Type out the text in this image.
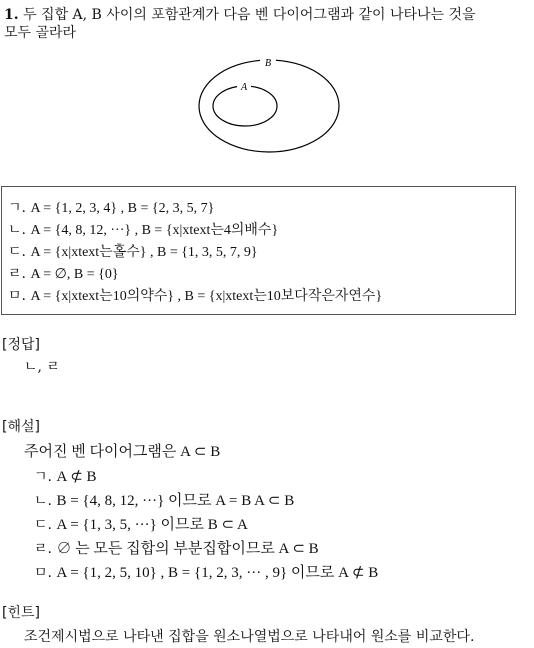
1. 두 집합 A, B 사이의 포함관계가 다음 벤 다이어그램과 같이 나타나는 것을
모두 골라라
B
A
ㄱ. A = {1, 2, 3, 4} , B = {2, 3, 5, 7}
ㄴ. A = {4, 8, 12, ···} , B = {x|xtext는4의배수}
ㄷ. A = {x|xtext는홀수} , B = {1, 3, 5, 7, 9}
ㄹ. A = ∅, B = {0}
ㅁ. A = {x|xtext는10의약수} , B = {x|xtext는10보다작은자연수}
[정답]
ㄴ, ㄹ
[해설]
주어진 벤 다이어그램은 A ⊂ B
ㄱ. A ⊄ B
ㄴ. B = {4, 8, 12, ···} 이므로 A = B A ⊂ B
ㄷ. A = {1, 3, 5, ···} 이므로 B ⊂ A
ㄹ. ∅ 는 모든 집합의 부분집합이므로 A ⊂ B
ㅁ. A = {1, 2, 5, 10} , B = {1, 2, 3, ··· , 9} 이므로 A ⊄ B
[힌트]
조건제시법으로 나타낸 집합을 원소나열법으로 나타내어 원소를 비교한다.
